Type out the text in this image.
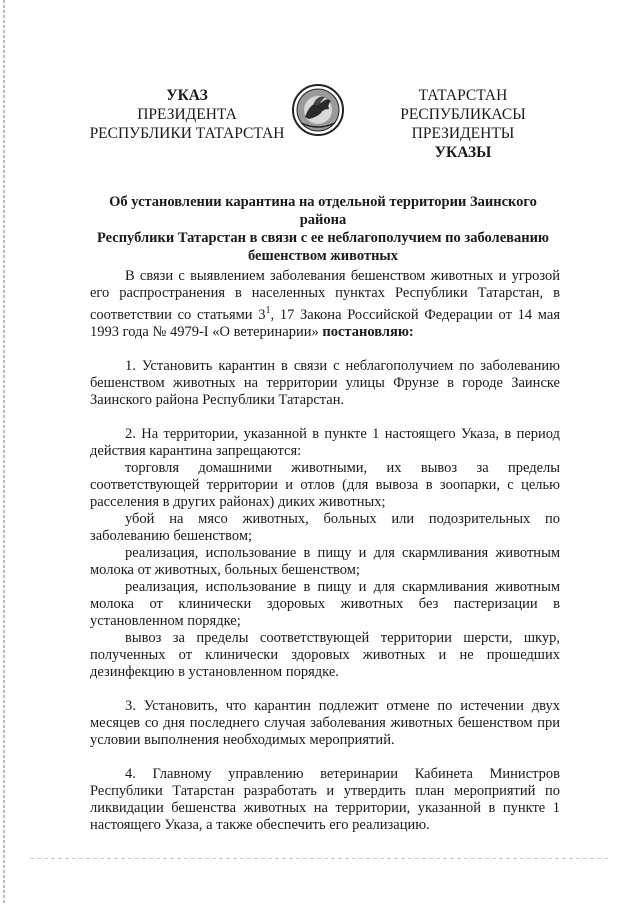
УКАЗ
ПРЕЗИДЕНТА
РЕСПУБЛИКИ ТАТАРСТАН
ТАТАРСТАН РЕСПУБЛИКАСЫ
ПРЕЗИДЕНТЫ
УКАЗЫ
Об установлении карантина на отдельной территории Заинского района
Республики Татарстан в связи с ее неблагополучием по заболеванию
бешенством животных

В связи с выявлением заболевания бешенством животных и угрозой его распространения в населенных пунктах Республики Татарстан, в соответствии со статьями $3^1$, 17 Закона Российской Федерации от 14 мая 1993 года № 4979-I «О ветеринарии» постановляю:

1. Установить карантин в связи с неблагополучием по заболеванию бешенством животных на территории улицы Фрунзе в городе Заинске Заинского района Республики Татарстан.

2. На территории, указанной в пункте 1 настоящего Указа, в период действия карантина запрещаются:

торговля домашними животными, их вывоз за пределы соответствующей территории и отлов (для вывоза в зоопарки, с целью расселения в других районах) диких животных;

убой на мясо животных, больных или подозрительных по заболеванию бешенством;

реализация, использование в пищу и для скармливания животным молока от животных, больных бешенством;

реализация, использование в пищу и для скармливания животным молока от клинически здоровых животных без пастеризации в установленном порядке;

вывоз за пределы соответствующей территории шерсти, шкур, полученных от клинически здоровых животных и не прошедших дезинфекцию в установленном порядке.

3. Установить, что карантин подлежит отмене по истечении двух месяцев со дня последнего случая заболевания животных бешенством при условии выполнения необходимых мероприятий.

4. Главному управлению ветеринарии Кабинета Министров Республики Татарстан разработать и утвердить план мероприятий по ликвидации бешенства животных на территории, указанной в пункте 1 настоящего Указа, а также обеспечить его реализацию.
